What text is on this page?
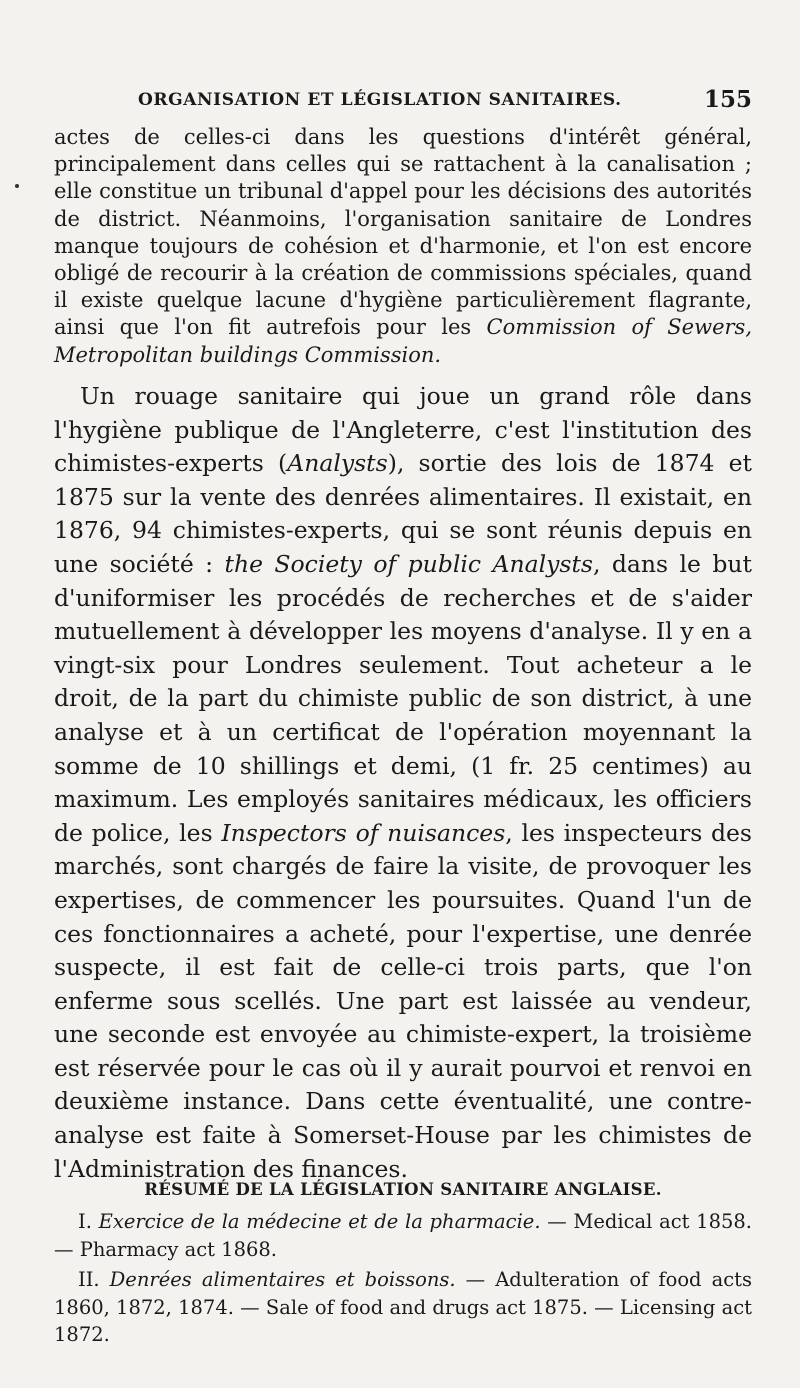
ORGANISATION ET LÉGISLATION SANITAIRES.	155

actes de celles-ci dans les questions d'intérêt général, principalement dans celles qui se rattachent à la canalisation ; elle constitue un tribunal d'appel pour les décisions des autorités de district. Néanmoins, l'organisation sanitaire de Londres manque toujours de cohésion et d'harmonie, et l'on est encore obligé de recourir à la création de commissions spéciales, quand il existe quelque lacune d'hygiène particulièrement flagrante, ainsi que l'on fit autrefois pour les Commission of Sewers, Metropolitan buildings Commission.

Un rouage sanitaire qui joue un grand rôle dans l'hygiène publique de l'Angleterre, c'est l'institution des chimistes-experts (Analysts), sortie des lois de 1874 et 1875 sur la vente des denrées alimentaires. Il existait, en 1876, 94 chimistes-experts, qui se sont réunis depuis en une société : the Society of public Analysts, dans le but d'uniformiser les procédés de recherches et de s'aider mutuellement à développer les moyens d'analyse. Il y en a vingt-six pour Londres seulement. Tout acheteur a le droit, de la part du chimiste public de son district, à une analyse et à un certificat de l'opération moyennant la somme de 10 shillings et demi, (1 fr. 25 centimes) au maximum. Les employés sanitaires médicaux, les officiers de police, les Inspectors of nuisances, les inspecteurs des marchés, sont chargés de faire la visite, de provoquer les expertises, de commencer les poursuites. Quand l'un de ces fonctionnaires a acheté, pour l'expertise, une denrée suspecte, il est fait de celle-ci trois parts, que l'on enferme sous scellés. Une part est laissée au vendeur, une seconde est envoyée au chimiste-expert, la troisième est réservée pour le cas où il y aurait pourvoi et renvoi en deuxième instance. Dans cette éventualité, une contre-analyse est faite à Somerset-House par les chimistes de l'Administration des finances.

RÉSUMÉ DE LA LÉGISLATION SANITAIRE ANGLAISE.

I. Exercice de la médecine et de la pharmacie. — Medical act 1858. — Pharmacy act 1868.

II. Denrées alimentaires et boissons. — Adulteration of food acts 1860, 1872, 1874. — Sale of food and drugs act 1875. — Licensing act 1872.
